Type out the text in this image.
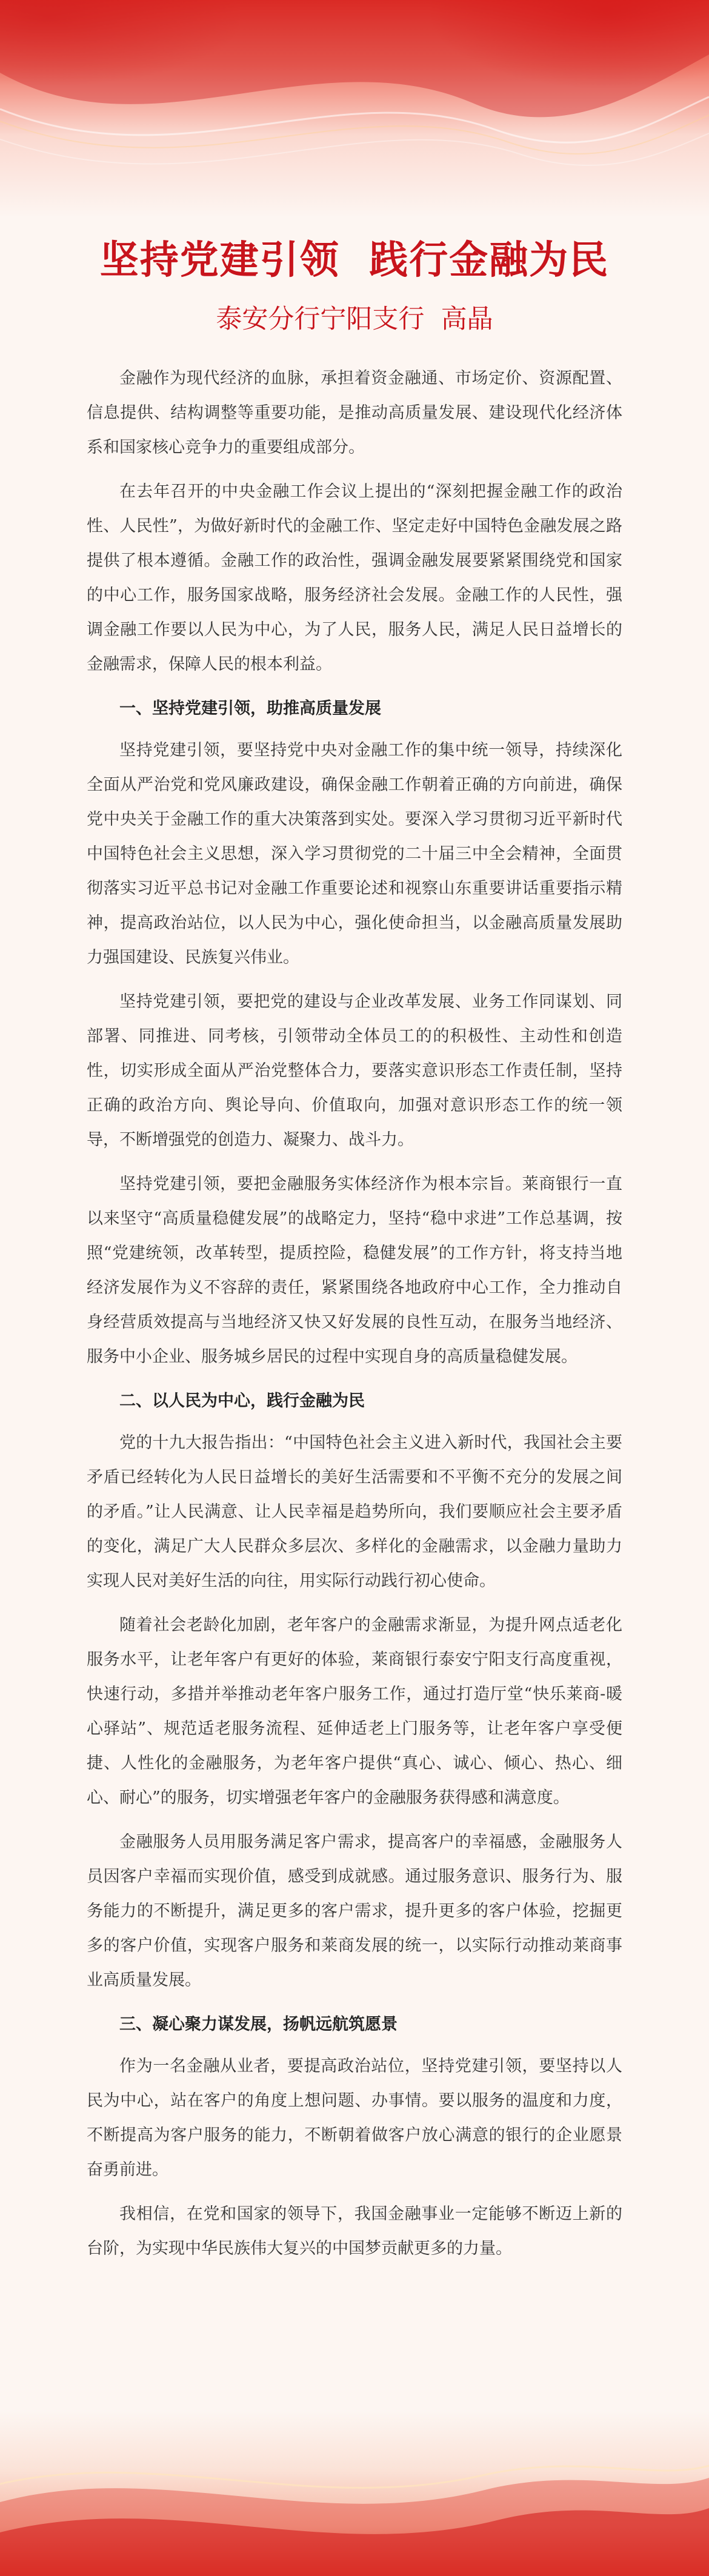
坚持党建引领  践行金融为民
泰安分行宁阳支行  高晶

金融作为现代经济的血脉，承担着资金融通、市场定价、资源配置、信息提供、结构调整等重要功能，是推动高质量发展、建设现代化经济体系和国家核心竞争力的重要组成部分。

在去年召开的中央金融工作会议上提出的“深刻把握金融工作的政治性、人民性”，为做好新时代的金融工作、坚定走好中国特色金融发展之路提供了根本遵循。金融工作的政治性，强调金融发展要紧紧围绕党和国家的中心工作，服务国家战略，服务经济社会发展。金融工作的人民性，强调金融工作要以人民为中心，为了人民，服务人民，满足人民日益增长的金融需求，保障人民的根本利益。

一、坚持党建引领，助推高质量发展

坚持党建引领，要坚持党中央对金融工作的集中统一领导，持续深化全面从严治党和党风廉政建设，确保金融工作朝着正确的方向前进，确保党中央关于金融工作的重大决策落到实处。要深入学习贯彻习近平新时代中国特色社会主义思想，深入学习贯彻党的二十届三中全会精神，全面贯彻落实习近平总书记对金融工作重要论述和视察山东重要讲话重要指示精神，提高政治站位，以人民为中心，强化使命担当，以金融高质量发展助力强国建设、民族复兴伟业。

坚持党建引领，要把党的建设与企业改革发展、业务工作同谋划、同部署、同推进、同考核，引领带动全体员工的的积极性、主动性和创造性，切实形成全面从严治党整体合力，要落实意识形态工作责任制，坚持正确的政治方向、舆论导向、价值取向，加强对意识形态工作的统一领导，不断增强党的创造力、凝聚力、战斗力。

坚持党建引领，要把金融服务实体经济作为根本宗旨。莱商银行一直以来坚守“高质量稳健发展”的战略定力，坚持“稳中求进”工作总基调，按照“党建统领，改革转型，提质控险，稳健发展”的工作方针，将支持当地经济发展作为义不容辞的责任，紧紧围绕各地政府中心工作，全力推动自身经营质效提高与当地经济又快又好发展的良性互动，在服务当地经济、服务中小企业、服务城乡居民的过程中实现自身的高质量稳健发展。

二、以人民为中心，践行金融为民

党的十九大报告指出：“中国特色社会主义进入新时代，我国社会主要矛盾已经转化为人民日益增长的美好生活需要和不平衡不充分的发展之间的矛盾。”让人民满意、让人民幸福是趋势所向，我们要顺应社会主要矛盾的变化，满足广大人民群众多层次、多样化的金融需求，以金融力量助力实现人民对美好生活的向往，用实际行动践行初心使命。

随着社会老龄化加剧，老年客户的金融需求渐显，为提升网点适老化服务水平，让老年客户有更好的体验，莱商银行泰安宁阳支行高度重视，快速行动，多措并举推动老年客户服务工作，通过打造厅堂“快乐莱商-暖心驿站”、规范适老服务流程、延伸适老上门服务等，让老年客户享受便捷、人性化的金融服务，为老年客户提供“真心、诚心、倾心、热心、细心、耐心”的服务，切实增强老年客户的金融服务获得感和满意度。

金融服务人员用服务满足客户需求，提高客户的幸福感，金融服务人员因客户幸福而实现价值，感受到成就感。通过服务意识、服务行为、服务能力的不断提升，满足更多的客户需求，提升更多的客户体验，挖掘更多的客户价值，实现客户服务和莱商发展的统一，以实际行动推动莱商事业高质量发展。

三、凝心聚力谋发展，扬帆远航筑愿景

作为一名金融从业者，要提高政治站位，坚持党建引领，要坚持以人民为中心，站在客户的角度上想问题、办事情。要以服务的温度和力度，不断提高为客户服务的能力，不断朝着做客户放心满意的银行的企业愿景奋勇前进。

我相信，在党和国家的领导下，我国金融事业一定能够不断迈上新的台阶，为实现中华民族伟大复兴的中国梦贡献更多的力量。
